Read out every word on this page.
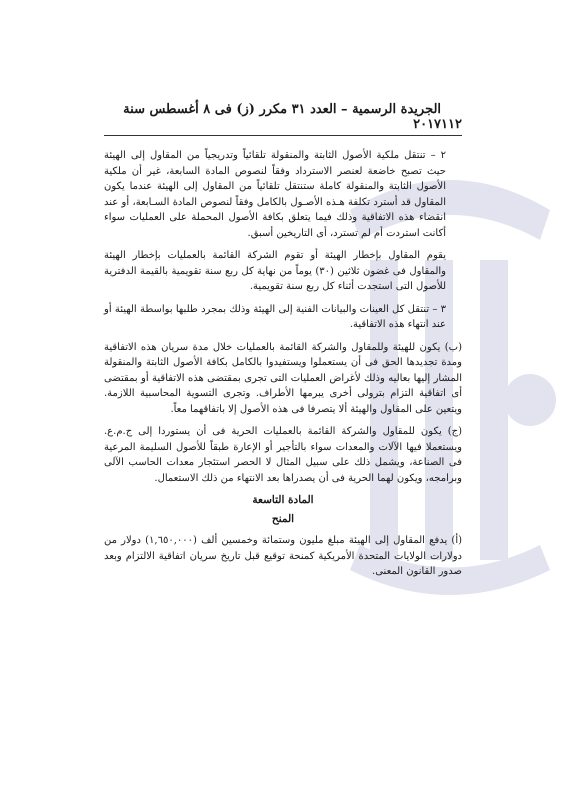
١١٢
الجريدة الرسمية – العدد ٣١ مكرر (ز) فى ٨ أغسطس سنة ٢٠١٧

٢ – تنتقل ملكية الأصول الثابتة والمنقولة تلقائياً وتدريجياً من المقاول إلى الهيئة حيث تصبح خاضعة لعنصر الاسترداد وفقاً لنصوص المادة السابعة، غير أن ملكية الأصول الثابتة والمنقولة كاملة ستنتقل تلقائياً من المقاول إلى الهيئة عندما يكون المقاول قد أسترد تكلفة هـذه الأصـول بالكامل وفقاً لنصوص المادة السـابعة، أو عند انقضاء هذه الاتفاقية وذلك فيما يتعلق بكافة الأصول المحملة على العمليات سواء أكانت استردت أم لم تسترد، أى التاريخين أسبق.

يقوم المقاول بإخطار الهيئة أو تقوم الشركة القائمة بالعمليات بإخطار الهيئة والمقاول فى غضون ثلاثين (٣٠) يوماً من نهاية كل ربع سنة تقويمية بالقيمة الدفترية للأصول التى استجدت أثناء كل ربع سنة تقويمية.

٣ – تنتقل كل العينات والبيانات الفنية إلى الهيئة وذلك بمجرد طلبها بواسطة الهيئة أو عند انتهاء هذه الاتفاقية.

(ب) يكون للهيئة وللمقاول والشركة القائمة بالعمليات خلال مدة سريان هذه الاتفاقية ومدة تجديدها الحق فى أن يستعملوا ويستفيدوا بالكامل بكافة الأصول الثابتة والمنقولة المشار إليها بعاليه وذلك لأغراض العمليات التى تجرى بمقتضى هذه الاتفاقية أو بمقتضى أى اتفاقية التزام بترولى أخرى يبرمها الأطراف. وتجرى التسوية المحاسبية اللازمة. ويتعين على المقاول والهيئة ألا يتصرفا فى هذه الأصول إلا باتفاقهما معاً.

(ج) يكون للمقاول والشركة القائمة بالعمليات الحرية فى أن يستوردا إلى ج.م.ع. ويستعملا فيها الآلات والمعدات سواء بالتأجير أو الإعارة طبقاً للأصول السليمة المرعية فى الصناعة، ويشمل ذلك على سبيل المثال لا الحصر استئجار معدات الحاسب الآلى وبرامجه، ويكون لهما الحرية فى أن يصدراها بعد الانتهاء من ذلك الاستعمال.

المادة التاسعة
المنح

(أ) يدفع المقاول إلى الهيئة مبلغ مليون وستمائة وخمسين ألف (١,٦٥٠,٠٠٠) دولار من دولارات الولايات المتحدة الأمريكية كمنحة توقيع قبل تاريخ سريان اتفاقية الالتزام وبعد صدور القانون المعنى.
